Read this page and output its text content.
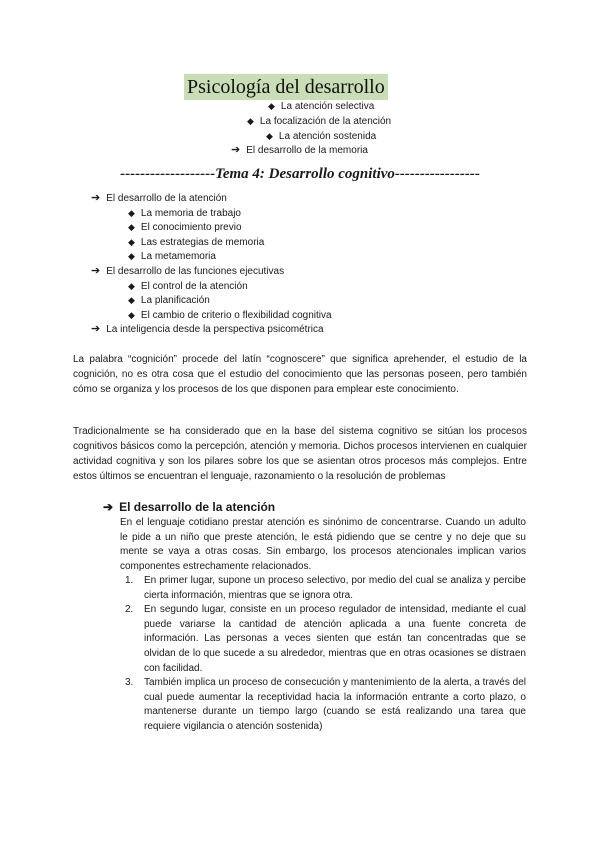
Psicología del desarrollo
◆ La atención selectiva
◆ La focalización de la atención
◆ La atención sostenida
➔ El desarrollo de la memoria
-------------------Tema 4: Desarrollo cognitivo-----------------
➔ El desarrollo de la atención
◆ La memoria de trabajo
◆ El conocimiento previo
◆ Las estrategias de memoria
◆ La metamemoria
➔ El desarrollo de las funciones ejecutivas
◆ El control de la atención
◆ La planificación
◆ El cambio de criterio o flexibilidad cognitiva
➔ La inteligencia desde la perspectiva psicométrica
La palabra “cognición” procede del latín “cognoscere” que significa aprehender, el estudio de la cognición, no es otra cosa que el estudio del conocimiento que las personas poseen, pero también cómo se organiza y los procesos de los que disponen para emplear este conocimiento.
Tradicionalmente se ha considerado que en la base del sistema cognitivo se sitúan los procesos cognitivos básicos como la percepción, atención y memoria. Dichos procesos intervienen en cualquier actividad cognitiva y son los pilares sobre los que se asientan otros procesos más complejos. Entre estos últimos se encuentran el lenguaje, razonamiento o la resolución de problemas
➔ El desarrollo de la atención
En el lenguaje cotidiano prestar atención es sinónimo de concentrarse. Cuando un adulto le pide a un niño que preste atención, le está pidiendo que se centre y no deje que su mente se vaya a otras cosas. Sin embargo, los procesos atencionales implican varios componentes estrechamente relacionados.
1. En primer lugar, supone un proceso selectivo, por medio del cual se analiza y percibe cierta información, mientras que se ignora otra.
2. En segundo lugar, consiste en un proceso regulador de intensidad, mediante el cual puede variarse la cantidad de atención aplicada a una fuente concreta de información. Las personas a veces sienten que están tan concentradas que se olvidan de lo que sucede a su alrededor, mientras que en otras ocasiones se distraen con facilidad.
3. También implica un proceso de consecución y mantenimiento de la alerta, a través del cual puede aumentar la receptividad hacia la información entrante a corto plazo, o mantenerse durante un tiempo largo (cuando se está realizando una tarea que requiere vigilancia o atención sostenida)
